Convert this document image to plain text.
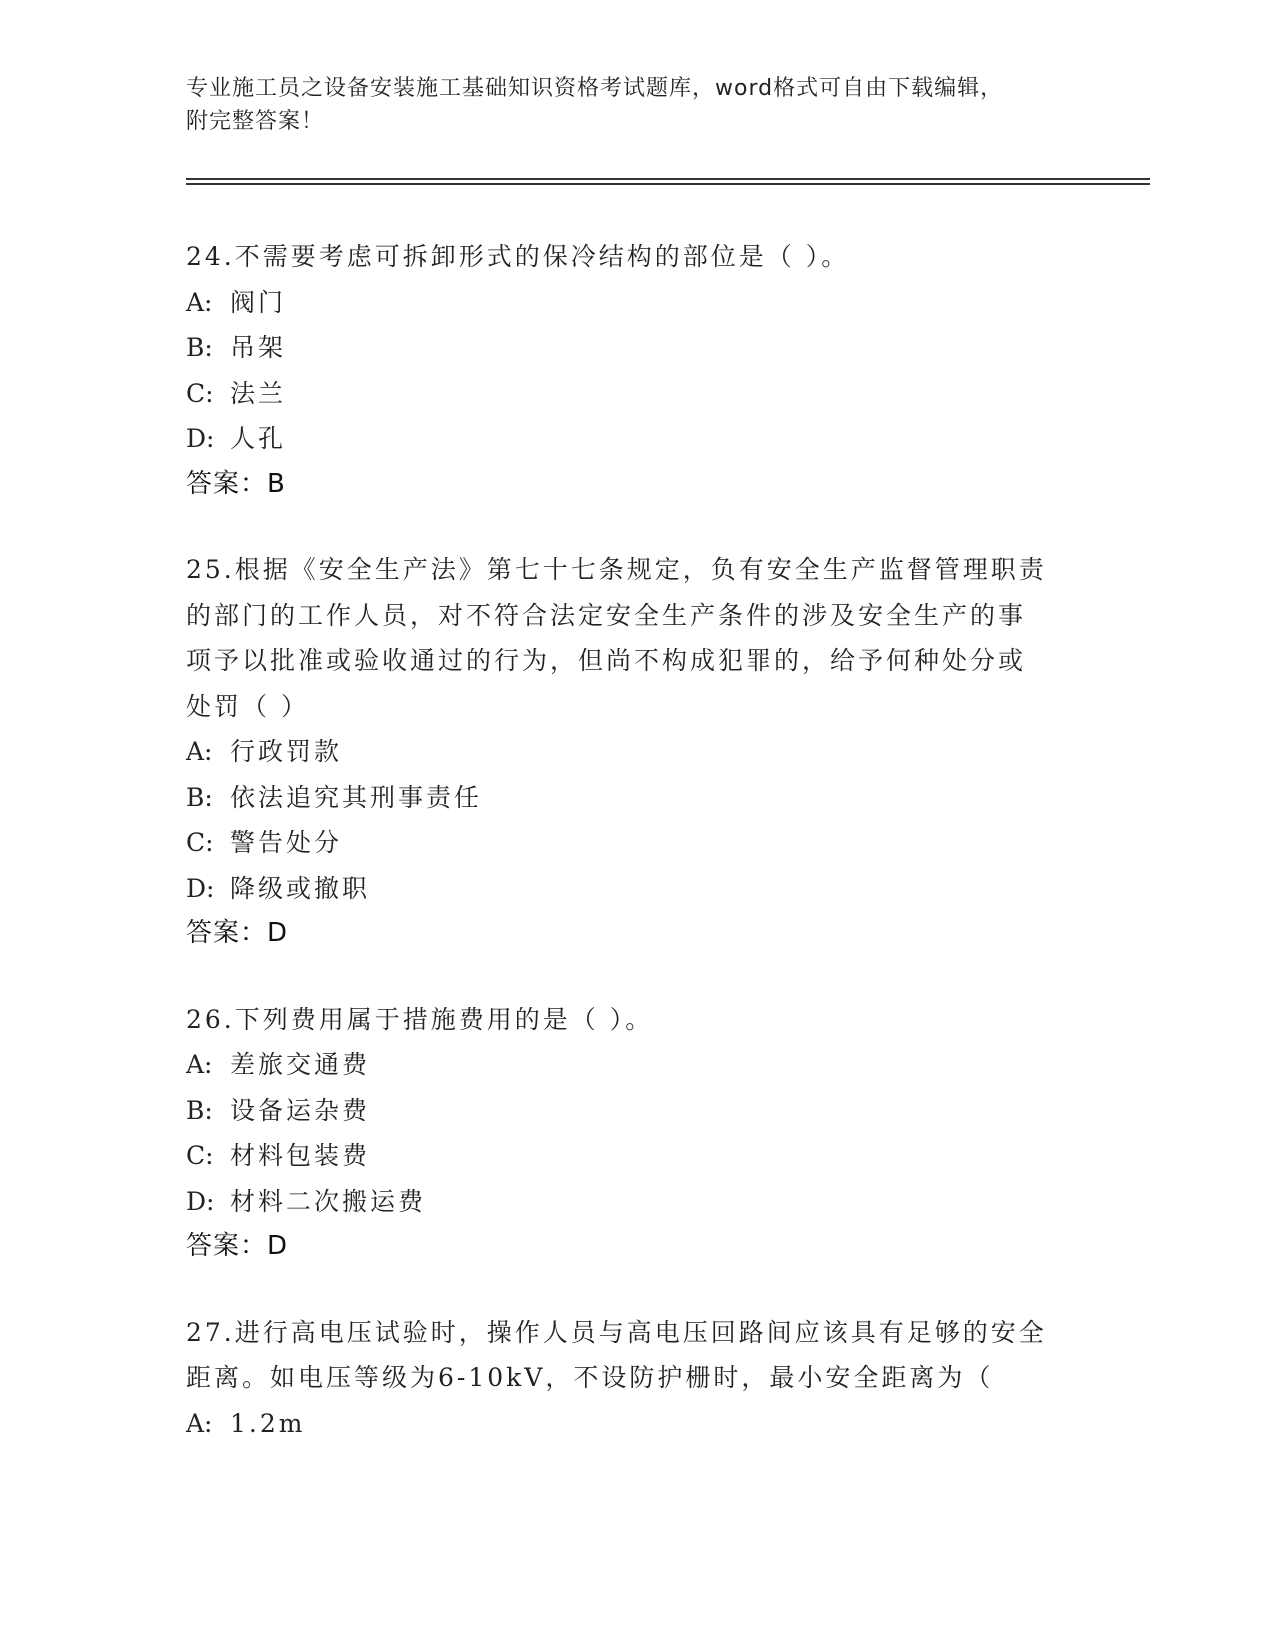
专业施工员之设备安装施工基础知识资格考试题库，word格式可自由下载编辑，
附完整答案！
24.不需要考虑可拆卸形式的保冷结构的部位是（ ）。
A: 阀门
B: 吊架
C: 法兰
D: 人孔
答案：B
25.根据《安全生产法》第七十七条规定，负有安全生产监督管理职责
的部门的工作人员，对不符合法定安全生产条件的涉及安全生产的事
项予以批准或验收通过的行为，但尚不构成犯罪的，给予何种处分或
处罚（ ）
A: 行政罚款
B: 依法追究其刑事责任
C: 警告处分
D: 降级或撤职
答案：D
26.下列费用属于措施费用的是（ ）。
A: 差旅交通费
B: 设备运杂费
C: 材料包装费
D: 材料二次搬运费
答案：D
27.进行高电压试验时，操作人员与高电压回路间应该具有足够的安全
距离。如电压等级为6-10kV，不设防护栅时，最小安全距离为（
A: 1.2m
